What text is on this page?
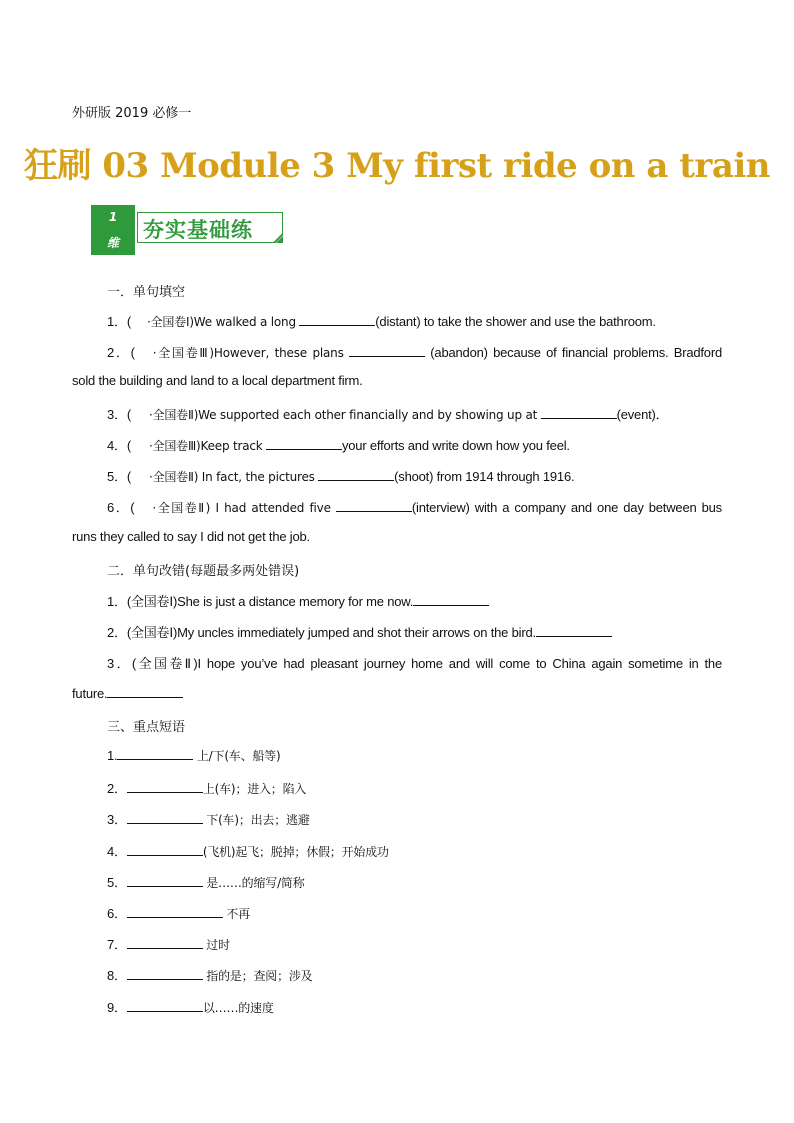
外研版 2019 必修一
狂刷 03 Module 3 My first ride on a train
1
维
夯实基础练
一．单句填空
1．( ·全国卷Ⅰ)We walked a long	(distant) to take the shower and use the bathroom.
2．( ·全国卷Ⅲ)However, these plans	(abandon) because of financial problems. Bradford
sold the building and land to a local department firm.
3．( ·全国卷Ⅱ)We supported each other financially and by showing up at	(event)．
4．( ·全国卷Ⅲ)Keep track	your efforts and write down how you feel.
5．( ·全国卷Ⅱ) In fact, the pictures	(shoot) from 1914 through 1916.
6．( ·全国卷Ⅱ) I had attended five	(interview) with a company and one day between bus
runs they called to say I did not get the job.
二．单句改错(每题最多两处错误)
1．(全国卷Ⅰ)She is just a distance memory for me now.
2．(全国卷Ⅰ)My uncles immediately jumped and shot their arrows on the bird.
3．(全国卷Ⅱ)I hope you’ve had pleasant journey home and will come to China again sometime in the
future.
三、重点短语
1.	上/下(车、船等)
2．	上(车)；进入；陷入
3．	下(车)；出去；逃避
4．	(飞机)起飞；脱掉；休假；开始成功
5．	是……的缩写/简称
6．	不再
7．	过时
8．	指的是；查阅；涉及
9．	以……的速度
